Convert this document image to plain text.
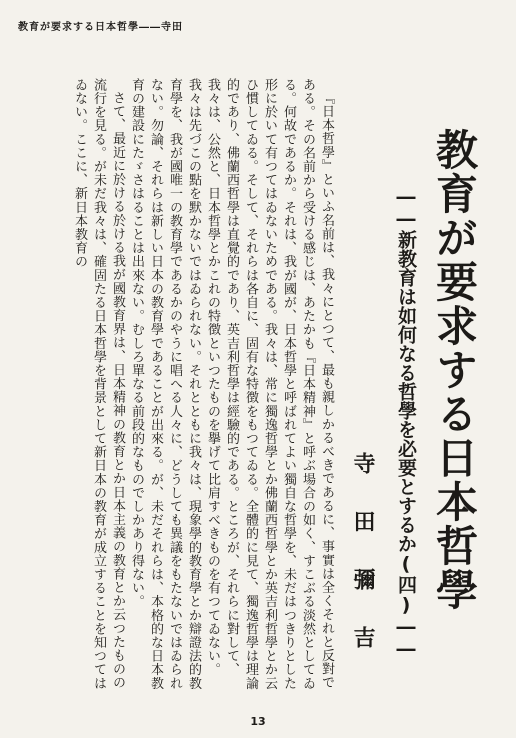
教育が要求する日本哲學――寺田
教育が要求する日本哲學
――新教育は如何なる哲學を必要とするか(四)――
寺田彌吉

『日本哲學』といふ名前は、我々にとつて、最も親しかるべきであるに、事實は全くそれと反對である。その名前から受ける感じは、あたかも『日本精神』と呼ぶ場合の如く、すこぶる淡然としてゐる。何故であるか。それは、我が國が、日本哲學と呼ばれてよい獨自な哲學を、未だはつきりとした形に於いて有つてはゐないためである。我々は、常に獨逸哲學とか佛蘭西哲學とか英吉利哲學とか云ひ慣してゐる。そして、それらは各自に、固有な特徴をもつてゐる。全體的に見て、獨逸哲學は理論的であり、佛蘭西哲學は直覺的であり、英吉利哲學は經驗的である。ところが、それらに對して、我々は、公然と、日本哲學とかこれの特徴といつたものを擧げて比肩すべきものを有つてゐない。我々は先づこの點を默かないではゐられない。それとともに我々は、現象學的教育學とか辯證法的教育學を、我が國唯一の教育學であるかのやうに唱へる人々に、どうしても異議をもたないではゐられない。勿論、それらは新しい日本の教育學であることが出來る。が、未だそれらは、本格的な日本教育の建設にたゞさはることは出來ない。むしろ單なる前段的なものでしかあり得ない。

さて、最近に於ける於ける我が國教育界は、日本精神の教育とか日本主義の教育とか云つたものの流行を見る。が未だ我々は、確固たる日本哲學を背景として新日本の教育が成立することを知つてはゐない。ここに、新日本教育の

13
